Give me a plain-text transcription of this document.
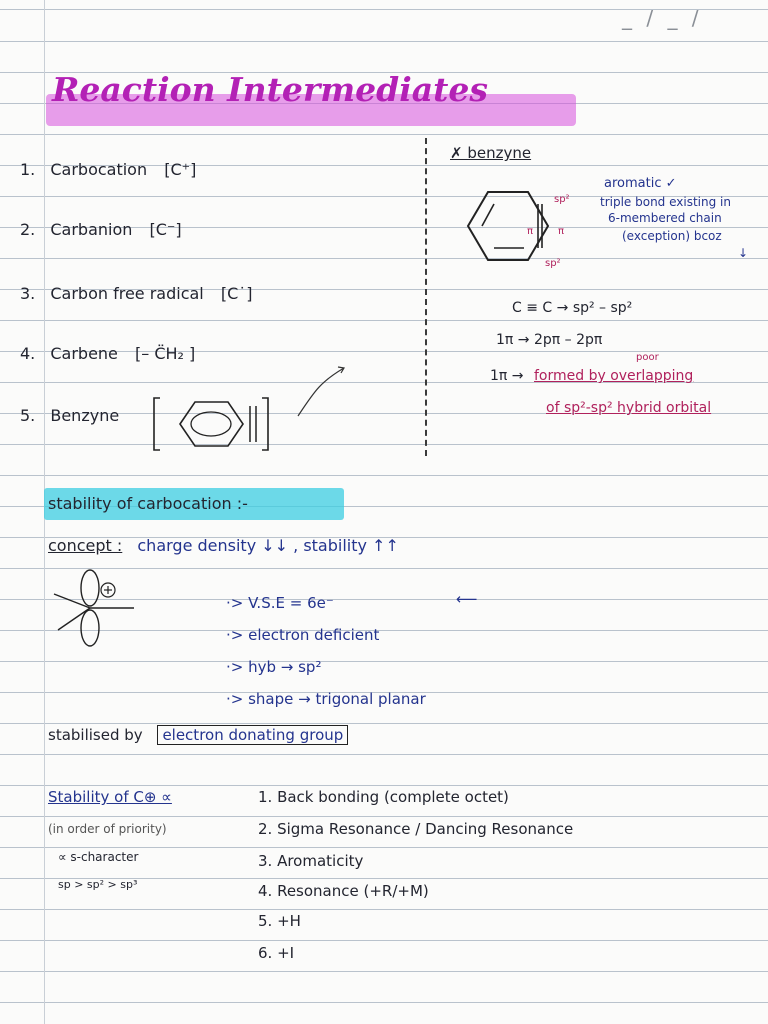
_ / _ /
Reaction Intermediates
1. Carbocation [C⁺]
2. Carbanion [C⁻]
3. Carbon free radical [C˙]
4. Carbene [– C̈H₂ ]
5. Benzyne
✗ benzyne
sp²
sp²
π π
aromatic ✓
triple bond existing in
6-membered chain
(exception) bcoz
↓
C ≡ C → sp² – sp²
1π → 2pπ – 2pπ
poor
1π → formed by overlapping
of sp²-sp² hybrid orbital
stability of carbocation :-
concept : charge density ↓↓ , stability ↑↑
·> V.S.E = 6e⁻	⟵
·> electron deficient
·> hyb → sp²
·> shape → trigonal planar
stabilised by electron donating group
Stability of C⊕ ∝
(in order of priority)
∝ s-character
sp > sp² > sp³
1. Back bonding (complete octet)
2. Sigma Resonance / Dancing Resonance
3. Aromaticity
4. Resonance (+R/+M)
5. +H
6. +I
